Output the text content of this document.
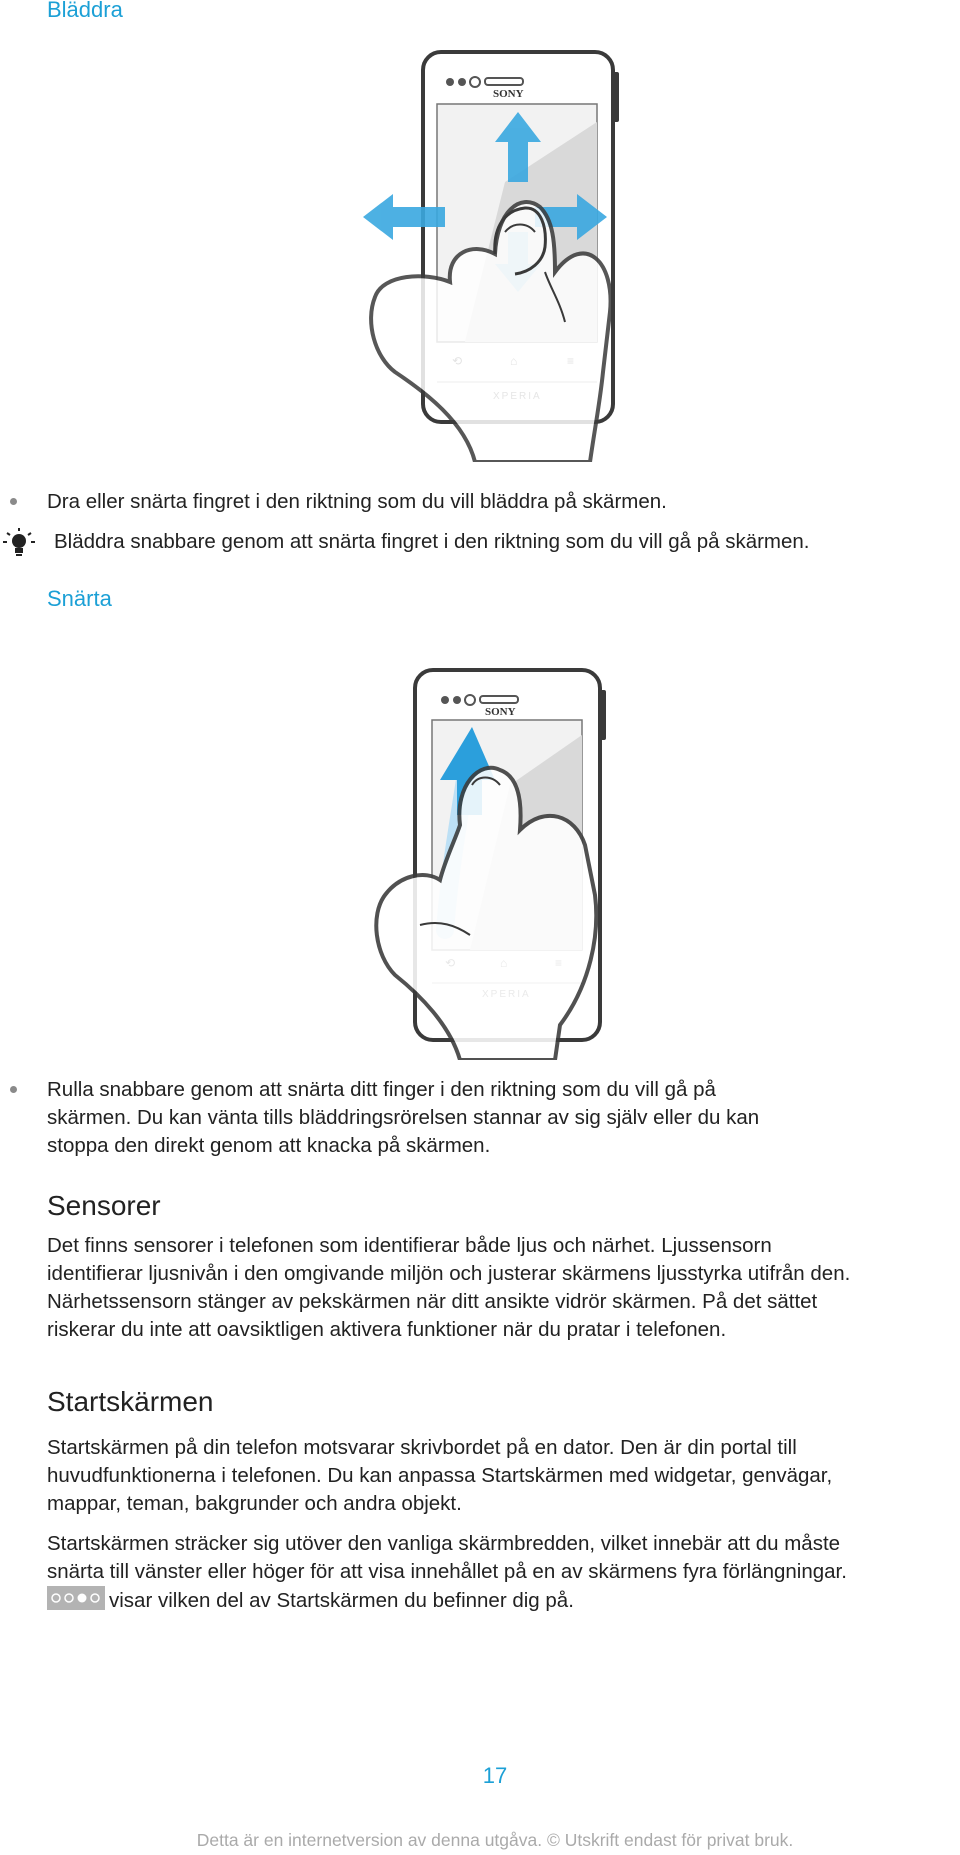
Bläddra
SONY
Dra eller snärta fingret i den riktning som du vill bläddra på skärmen.
Bläddra snabbare genom att snärta fingret i den riktning som du vill gå på skärmen.
Snärta
SONY
Rulla snabbare genom att snärta ditt finger i den riktning som du vill gå på
skärmen. Du kan vänta tills bläddringsrörelsen stannar av sig själv eller du kan
stoppa den direkt genom att knacka på skärmen.
Sensorer
Det finns sensorer i telefonen som identifierar både ljus och närhet. Ljussensorn
identifierar ljusnivån i den omgivande miljön och justerar skärmens ljusstyrka utifrån den.
Närhetssensorn stänger av pekskärmen när ditt ansikte vidrör skärmen. På det sättet
riskerar du inte att oavsiktligen aktivera funktioner när du pratar i telefonen.
Startskärmen
Startskärmen på din telefon motsvarar skrivbordet på en dator. Den är din portal till
huvudfunktionerna i telefonen. Du kan anpassa Startskärmen med widgetar, genvägar,
mappar, teman, bakgrunder och andra objekt.
Startskärmen sträcker sig utöver den vanliga skärmbredden, vilket innebär att du måste
snärta till vänster eller höger för att visa innehållet på en av skärmens fyra förlängningar.
visar vilken del av Startskärmen du befinner dig på.
17
Detta är en internetversion av denna utgåva. © Utskrift endast för privat bruk.
